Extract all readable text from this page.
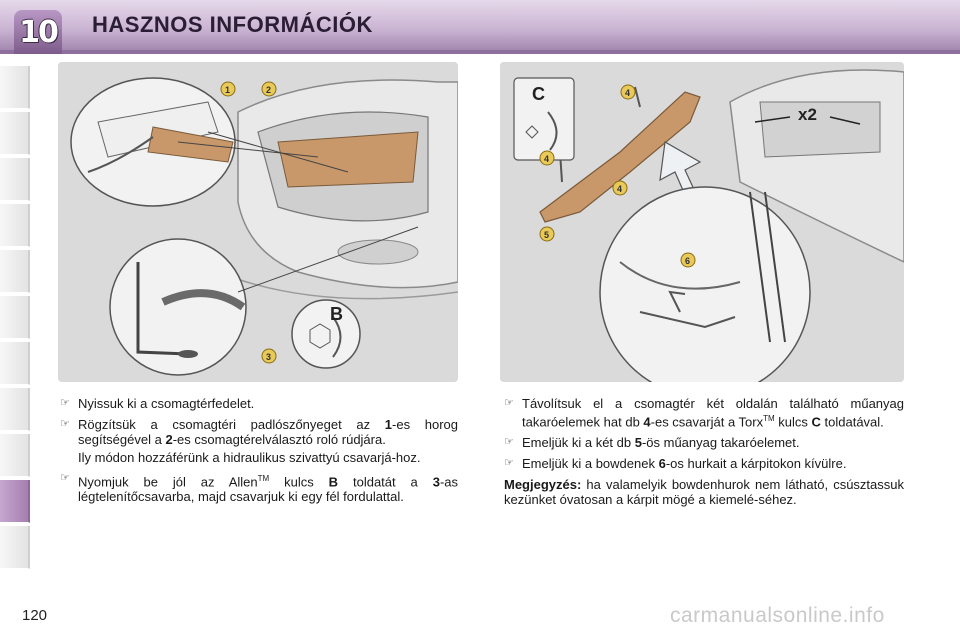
10 HASZNOS INFORMÁCIÓK
B
1	2
3
x2
C	4
4
4
5
6
☞ Nyissuk ki a csomagtérfedelet.
☞ Rögzítsük a csomagtéri padlószőnyeget az 1-es horog segítségével a 2-es csomagtérelválasztó roló rúdjára.
Ily módon hozzáférünk a hidraulikus szivattyú csavarjá-hoz.
☞ Nyomjuk be jól az Allen™ kulcs B toldatát a 3-as légtelenítőcsavarba, majd csavarjuk ki egy fél fordulattal.
☞ Távolítsuk el a csomagtér két oldalán található műanyag takaróelemek hat db 4-es csavarját a Torx™ kulcs C toldatával.
☞ Emeljük ki a két db 5-ös műanyag takaróelemet.
☞ Emeljük ki a bowdenek 6-os hurkait a kárpitokon kívülre.
Megjegyzés: ha valamelyik bowdenhurok nem látható, csúsztassuk kezünket óvatosan a kárpit mögé a kiemelé-séhez.
120	carmanualsonline.info
